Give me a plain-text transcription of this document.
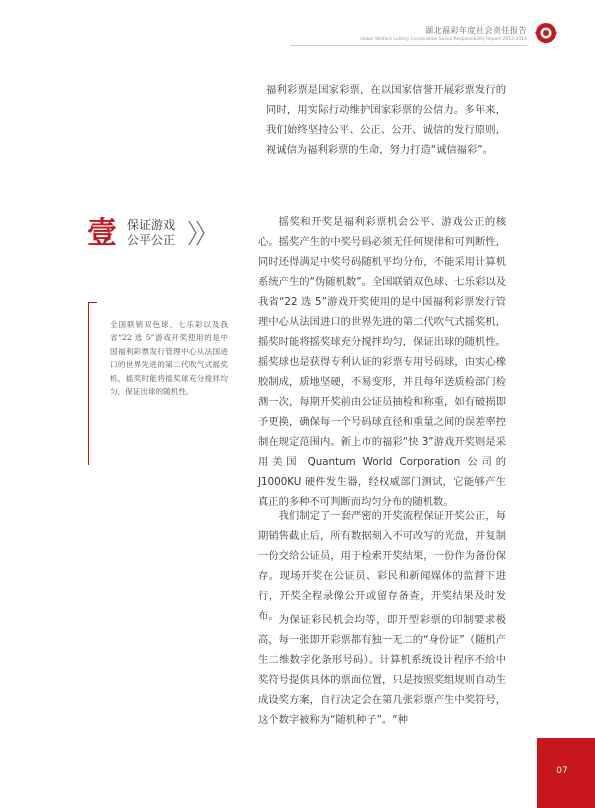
湖北福彩年度社会责任报告
Hubei Welfare Lottery Corporation Social Responsibility Report 2013-2014

福利彩票是国家彩票，在以国家信誉开展彩票发行的同时，用实际行动维护国家彩票的公信力。多年来，我们始终坚持公平、公正、公开、诚信的发行原则，视诚信为福利彩票的生命，努力打造“诚信福彩”。

壹 保证游戏
公平公正
全国联销双色球、七乐彩以及我省“22 选 5”游戏开奖使用的是中国福利彩票发行管理中心从法国进口的世界先进的第二代吹气式摇奖机，摇奖时能将摇奖球充分搅拌均匀，保证出球的随机性。

摇奖和开奖是福利彩票机会公平、游戏公正的核心。摇奖产生的中奖号码必须无任何规律和可判断性，同时还得满足中奖号码随机平均分布，不能采用计算机系统产生的“伪随机数”。全国联销双色球、七乐彩以及我省“22 选 5”游戏开奖使用的是中国福利彩票发行管理中心从法国进口的世界先进的第二代吹气式摇奖机，摇奖时能将摇奖球充分搅拌均匀，保证出球的随机性。摇奖球也是获得专利认证的彩票专用号码球，由实心橡胶制成，质地坚硬，不易变形，并且每年送质检部门检测一次，每期开奖前由公证员抽检和称重，如有破损即予更换，确保每一个号码球直径和重量之间的误差率控制在规定范围内。新上市的福彩“快 3”游戏开奖则是采用美国 Quantum World Corporation 公司的 J1000KU 硬件发生器，经权威部门测试，它能够产生真正的多种不可判断而均匀分布的随机数。

我们制定了一套严密的开奖流程保证开奖公正，每期销售截止后，所有数据刻入不可改写的光盘，并复制一份交给公证员，用于检索开奖结果，一份作为备份保存。现场开奖在公证员、彩民和新闻媒体的监督下进行，开奖全程录像公开或留存备查，开奖结果及时发布。 为保证彩民机会均等，即开型彩票的印制要求极高，每一张即开彩票都有独一无二的“身份证”（随机产生二维数字化条形号码）。计算机系统设计程序不给中奖符号提供具体的票面位置，只是按照奖组规则自动生成设奖方案，自行决定会在第几张彩票产生中奖符号，这个数字被称为“随机种子”。“种

07
